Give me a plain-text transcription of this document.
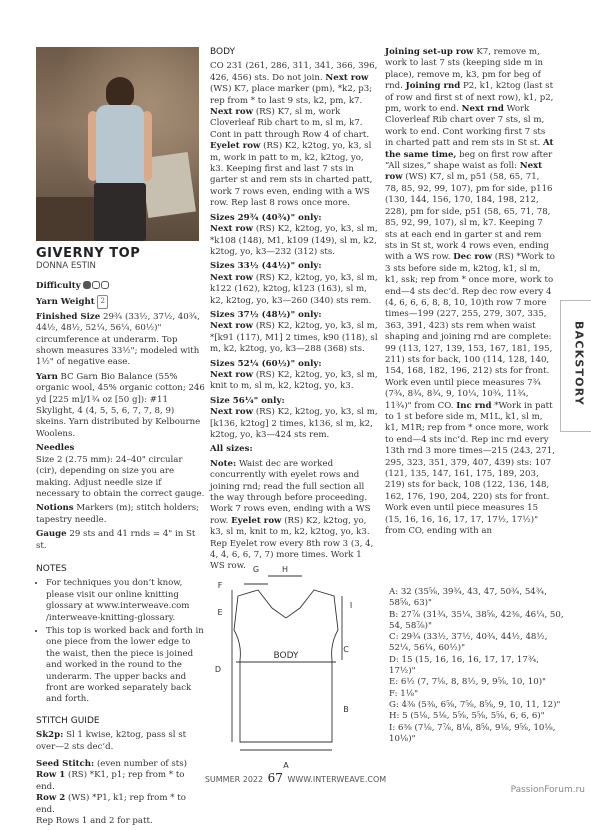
GIVERNY TOP
DONNA ESTIN
Difficulty
Yarn Weight 2
Finished Size 29¾ (33½, 37½, 40¾, 44½, 48½, 52¼, 56¼, 60½)" circumference at underarm. Top shown measures 33½"; modeled with 1½" of negative ease.
Yarn BC Garn Bio Balance (55% organic wool, 45% organic cotton; 246 yd [225 m]/1¾ oz [50 g]): #11 Skylight, 4 (4, 5, 5, 6, 7, 7, 8, 9) skeins. Yarn distributed by Kelbourne Woolens.
Needles
Size 2 (2.75 mm): 24–40" circular (cir), depending on size you are making. Adjust needle size if necessary to obtain the correct gauge.
Notions Markers (m); stitch holders; tapestry needle.
Gauge 29 sts and 41 rnds = 4" in St st.
NOTES
• For techniques you don’t know, please visit our online knitting glossary at www.interweave.com /interweave-knitting-glossary.
• This top is worked back and forth in one piece from the lower edge to the waist, then the piece is joined and worked in the round to the underarm. The upper backs and front are worked separately back and forth.
STITCH GUIDE
Sk2p: Sl 1 kwise, k2tog, pass sl st over—2 sts dec’d.
Seed Stitch: (even number of sts)
Row 1 (RS) *K1, p1; rep from * to end.
Row 2 (WS) *P1, k1; rep from * to end.
Rep Rows 1 and 2 for patt.
BODY
CO 231 (261, 286, 311, 341, 366, 396, 426, 456) sts. Do not join. Next row (WS) K7, place marker (pm), *k2, p3; rep from * to last 9 sts, k2, pm, k7. Next row (RS) K7, sl m, work Cloverleaf Rib chart to m, sl m, k7. Cont in patt through Row 4 of chart. Eyelet row (RS) K2, k2tog, yo, k3, sl m, work in patt to m, k2, k2tog, yo, k3. Keeping first and last 7 sts in garter st and rem sts in charted patt, work 7 rows even, ending with a WS row. Rep last 8 rows once more.
Sizes 29¾ (40¾)" only:
Next row (RS) K2, k2tog, yo, k3, sl m, *k108 (148), M1, k109 (149), sl m, k2, k2tog, yo, k3—232 (312) sts.
Sizes 33½ (44½)" only:
Next row (RS) K2, k2tog, yo, k3, sl m, k122 (162), k2tog, k123 (163), sl m, k2, k2tog, yo, k3—260 (340) sts rem.
Sizes 37½ (48½)" only:
Next row (RS) K2, k2tog, yo, k3, sl m, *[k91 (117), M1] 2 times, k90 (118), sl m, k2, k2tog, yo, k3—288 (368) sts.
Sizes 52¼ (60½)" only:
Next row (RS) K2, k2tog, yo, k3, sl m, knit to m, sl m, k2, k2tog, yo, k3.
Size 56¼" only:
Next row (RS) K2, k2tog, yo, k3, sl m, [k136, k2tog] 2 times, k136, sl m, k2, k2tog, yo, k3—424 sts rem.
All sizes:
Note: Waist dec are worked concurrently with eyelet rows and joining rnd; read the full section all the way through before proceeding. Work 7 rows even, ending with a WS row. Eyelet row (RS) K2, k2tog, yo, k3, sl m, knit to m, k2, k2tog, yo, k3. Rep Eyelet row every 8th row 3 (3, 4, 4, 4, 6, 6, 7, 7) more times. Work 1 WS row.
Joining set-up row K7, remove m, work to last 7 sts (keeping side m in place), remove m, k3, pm for beg of rnd. Joining rnd P2, k1, k2tog (last st of row and first st of next row), k1, p2, pm, work to end. Next rnd Work Cloverleaf Rib chart over 7 sts, sl m, work to end. Cont working first 7 sts in charted patt and rem sts in St st. At the same time, beg on first row after “All sizes,” shape waist as foll: Next row (WS) K7, sl m, p51 (58, 65, 71, 78, 85, 92, 99, 107), pm for side, p116 (130, 144, 156, 170, 184, 198, 212, 228), pm for side, p51 (58, 65, 71, 78, 85, 92, 99, 107), sl m, k7. Keeping 7 sts at each end in garter st and rem sts in St st, work 4 rows even, ending with a WS row. Dec row (RS) *Work to 3 sts before side m, k2tog, k1, sl m, k1, ssk; rep from * once more, work to end—4 sts dec’d. Rep dec row every 4 (4, 6, 6, 6, 8, 8, 10, 10)th row 7 more times—199 (227, 255, 279, 307, 335, 363, 391, 423) sts rem when waist shaping and joining rnd are complete: 99 (113, 127, 139, 153, 167, 181, 195, 211) sts for back, 100 (114, 128, 140, 154, 168, 182, 196, 212) sts for front. Work even until piece measures 7¾ (7¾, 8¾, 8¾, 9, 10¼, 10¾, 11¾, 11¾)" from CO. Inc rnd *Work in patt to 1 st before side m, M1L, k1, sl m, k1, M1R; rep from * once more, work to end—4 sts inc’d. Rep inc rnd every 13th rnd 3 more times—215 (243, 271, 295, 323, 351, 379, 407, 439) sts: 107 (121, 135, 147, 161, 175, 189, 203, 219) sts for back, 108 (122, 136, 148, 162, 176, 190, 204, 220) sts for front. Work even until piece measures 15 (15, 16, 16, 16, 17, 17, 17½, 17½)" from CO, ending with an
G	H
F
E
I
C
D
B
A
BODY
A: 32 (35⅝, 39¾, 43, 47, 50¾, 54¾, 58⅝, 63)"
B: 27⅞ (31¾, 35¼, 38⅝, 42⅜, 46¼, 50, 54, 58⅞)"
C: 29¾ (33½, 37½, 40¾, 44½, 48½, 52¼, 56¼, 60½)"
D: 15 (15, 16, 16, 16, 17, 17, 17¾, 17½)"
E: 6½ (7, 7⅛, 8, 8½, 9, 9⅝, 10, 10)"
F: 1⅛"
G: 4⅜ (5⅜, 6⅝, 7⅝, 8⅝, 9, 10, 11, 12)"
H: 5 (5⅛, 5⅛, 5⅝, 5⅝, 5⅝, 6, 6, 6)"
I: 6⅜ (7⅛, 7⅞, 8⅛, 8⅝, 9⅛, 9⅝, 10⅛, 10⅛)"
BACKSTORY
SUMMER 2022 67 WWW.INTERWEAVE.COM
PassionForum.ru
